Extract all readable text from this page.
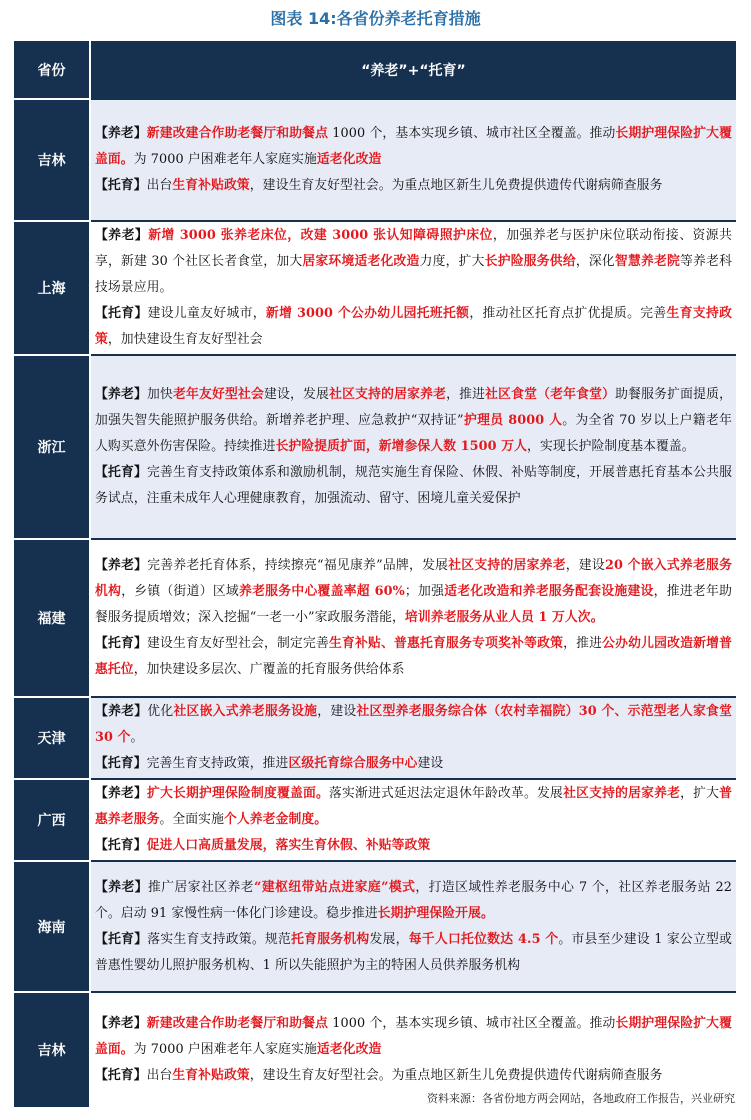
图表 14:各省份养老托育措施
省份	“养老”+“托育”
吉林	【养老】新建改建合作助老餐厅和助餐点 1000 个，基本实现乡镇、城市社区全覆盖。推动长期护理保险扩大覆盖面。为 7000 户困难老年人家庭实施适老化改造
【托育】出台生育补贴政策，建设生育友好型社会。为重点地区新生儿免费提供遗传代谢病筛查服务

上海	【养老】新增 3000 张养老床位，改建 3000 张认知障碍照护床位，加强养老与医护床位联动衔接、资源共享，新建 30 个社区长者食堂，加大居家环境适老化改造力度，扩大长护险服务供给，深化智慧养老院等养老科技场景应用。
【托育】建设儿童友好城市，新增 3000 个公办幼儿园托班托额，推动社区托育点扩优提质。完善生育支持政策，加快建设生育友好型社会

浙江	【养老】加快老年友好型社会建设，发展社区支持的居家养老，推进社区食堂（老年食堂）助餐服务扩面提质，加强失智失能照护服务供给。新增养老护理、应急救护“双持证”护理员 8000 人。为全省 70 岁以上户籍老年人购买意外伤害保险。持续推进长护险提质扩面，新增参保人数 1500 万人，实现长护险制度基本覆盖。
【托育】完善生育支持政策体系和激励机制，规范实施生育保险、休假、补贴等制度，开展普惠托育基本公共服务试点，注重未成年人心理健康教育，加强流动、留守、困境儿童关爱保护

福建	【养老】完善养老托育体系，持续擦亮“福见康养”品牌，发展社区支持的居家养老，建设20 个嵌入式养老服务机构，乡镇（街道）区域养老服务中心覆盖率超 60%；加强适老化改造和养老服务配套设施建设，推进老年助餐服务提质增效；深入挖掘“一老一小”家政服务潜能，培训养老服务从业人员 1 万人次。
【托育】建设生育友好型社会，制定完善生育补贴、普惠托育服务专项奖补等政策，推进公办幼儿园改造新增普惠托位，加快建设多层次、广覆盖的托育服务供给体系

天津	【养老】优化社区嵌入式养老服务设施，建设社区型养老服务综合体（农村幸福院）30 个、示范型老人家食堂 30 个。
【托育】完善生育支持政策，推进区级托育综合服务中心建设

广西	【养老】扩大长期护理保险制度覆盖面。落实渐进式延迟法定退休年龄改革。发展社区支持的居家养老，扩大普惠养老服务。全面实施个人养老金制度。
【托育】促进人口高质量发展，落实生育休假、补贴等政策

海南	【养老】推广居家社区养老“建枢纽带站点进家庭”模式，打造区域性养老服务中心 7 个，社区养老服务站 22 个。启动 91 家慢性病一体化门诊建设。稳步推进长期护理保险开展。
【托育】落实生育支持政策。规范托育服务机构发展，每千人口托位数达 4.5 个。市县至少建设 1 家公立型或普惠性婴幼儿照护服务机构、1 所以失能照护为主的特困人员供养服务机构

吉林	【养老】新建改建合作助老餐厅和助餐点 1000 个，基本实现乡镇、城市社区全覆盖。推动长期护理保险扩大覆盖面。为 7000 户困难老年人家庭实施适老化改造
【托育】出台生育补贴政策，建设生育友好型社会。为重点地区新生儿免费提供遗传代谢病筛查服务
资料来源：各省份地方两会网站，各地政府工作报告，兴业研究
